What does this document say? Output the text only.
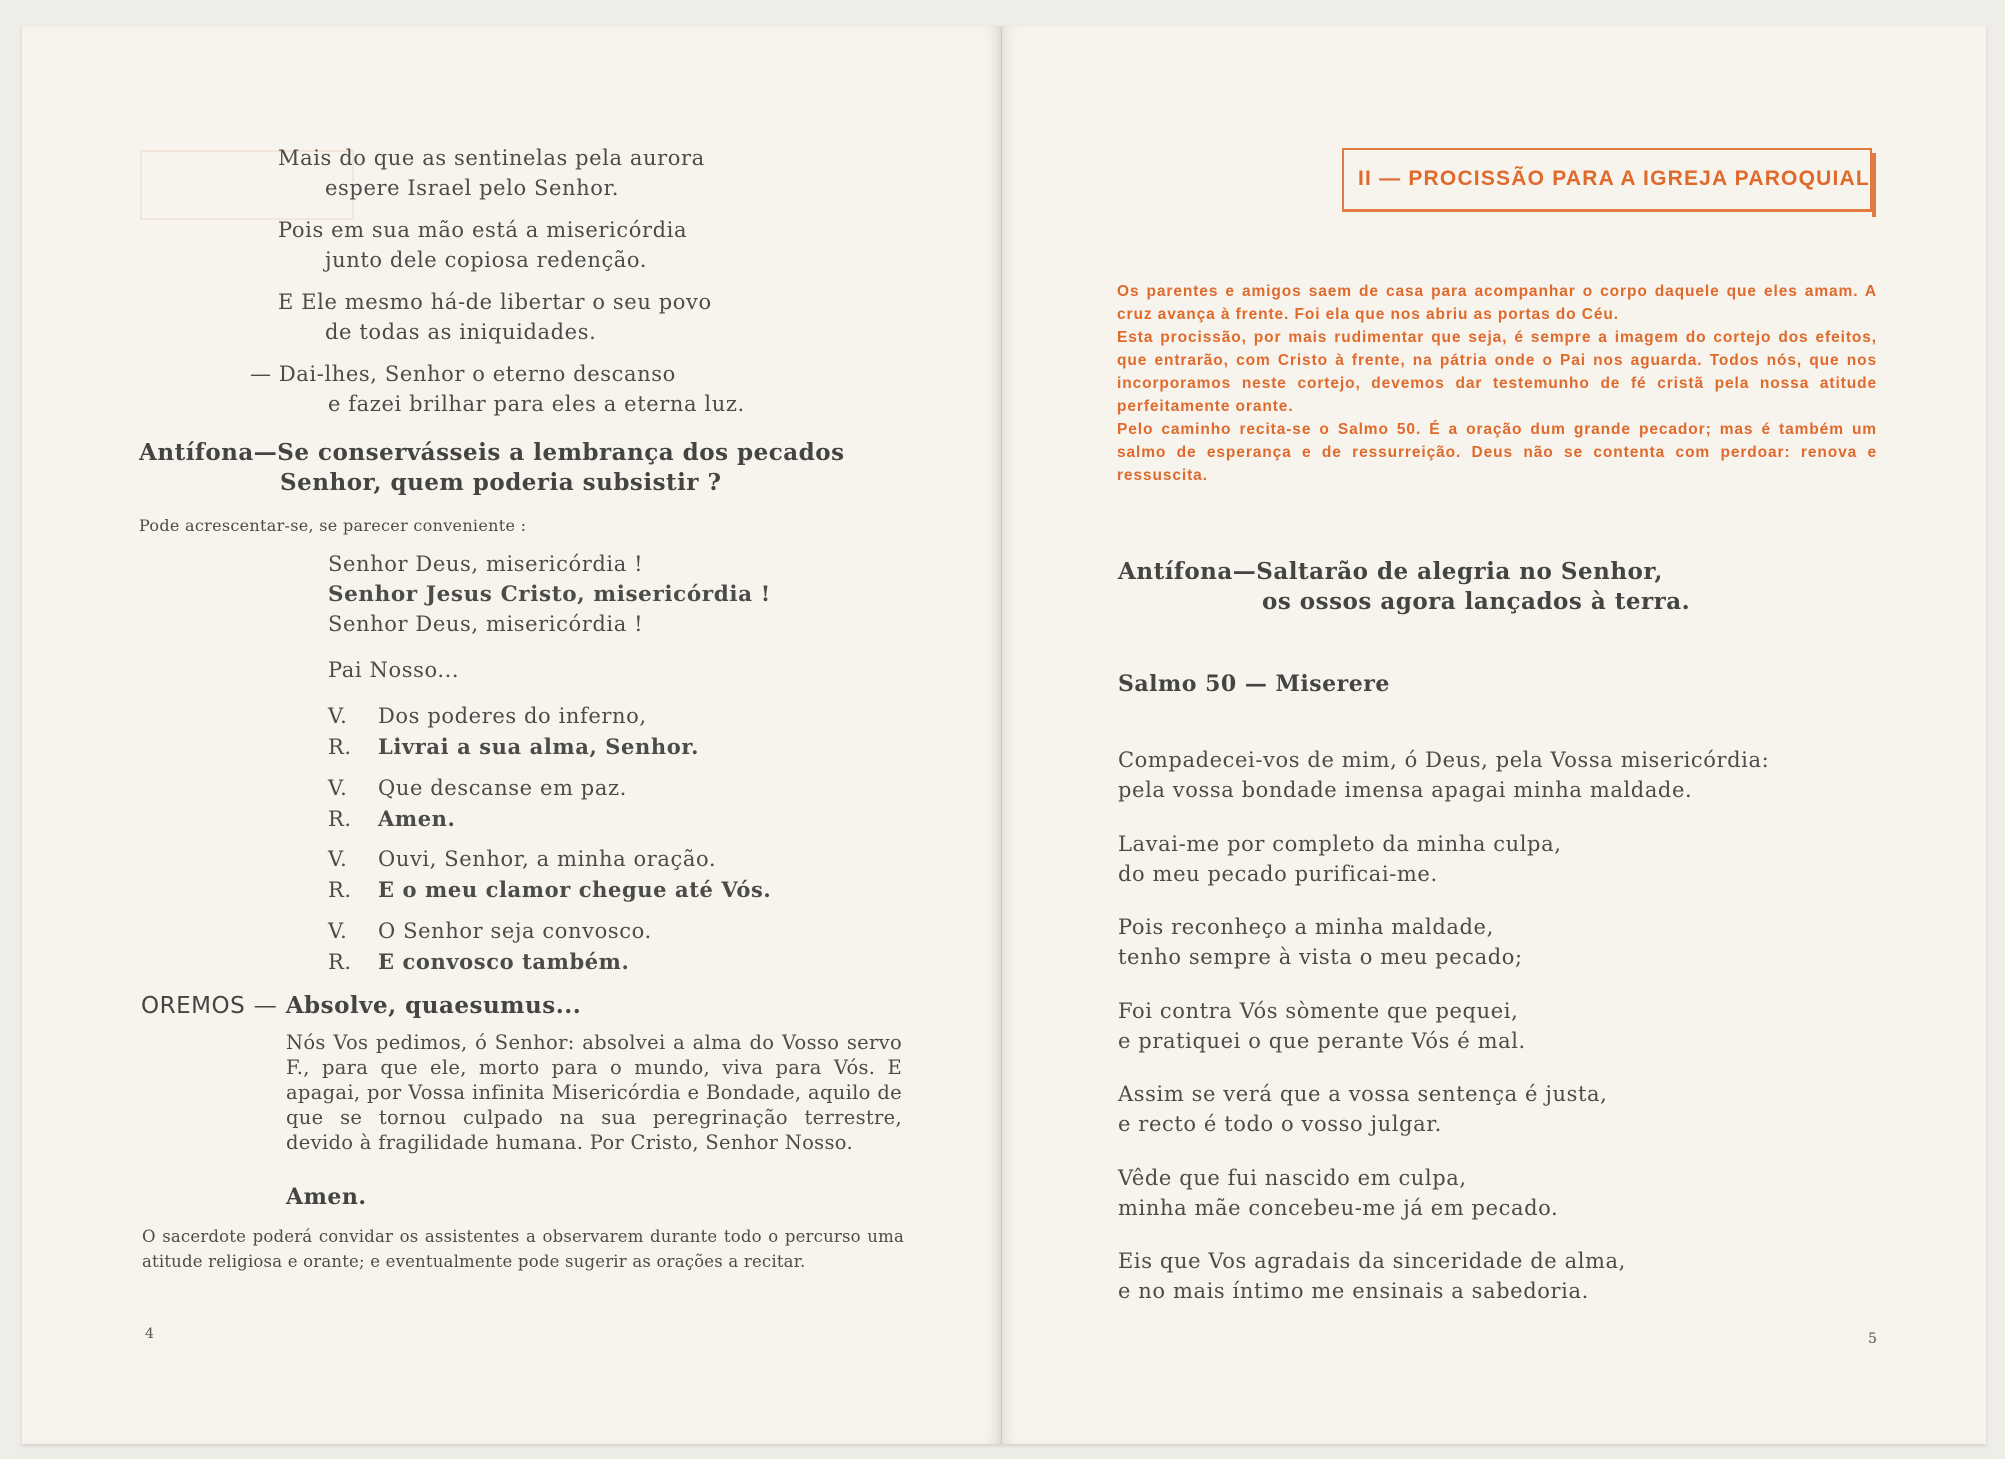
Mais do que as sentinelas pela aurora
espere Israel pelo Senhor.
Pois em sua mão está a misericórdia
junto dele copiosa redenção.
E Ele mesmo há-de libertar o seu povo
de todas as iniquidades.
— Dai-lhes, Senhor o eterno descanso
e fazei brilhar para eles a eterna luz.
Antífona—Se conservásseis a lembrança dos pecados
Senhor, quem poderia subsistir ?
Pode acrescentar-se, se parecer conveniente :
Senhor Deus, misericórdia !
Senhor Jesus Cristo, misericórdia !
Senhor Deus, misericórdia !
Pai Nosso...
V. Dos poderes do inferno,
R. Livrai a sua alma, Senhor.
V. Que descanse em paz.
R. Amen.
V. Ouvi, Senhor, a minha oração.
R. E o meu clamor chegue até Vós.
V. O Senhor seja convosco.
R. E convosco também.
OREMOS — Absolve, quaesumus...
Nós Vos pedimos, ó Senhor: absolvei a alma do Vosso servo F., para que ele, morto para o mundo, viva para Vós. E apagai, por Vossa infinita Misericórdia e Bondade, aquilo de que se tornou culpado na sua peregrinação terrestre, devido à fragilidade humana. Por Cristo, Senhor Nosso.
Amen.
O sacerdote poderá convidar os assistentes a observarem durante todo o percurso uma atitude religiosa e orante; e eventualmente pode sugerir as orações a recitar.
4
II — PROCISSÃO PARA A IGREJA PAROQUIAL

Os parentes e amigos saem de casa para acompanhar o corpo daquele que eles amam. A cruz avança à frente. Foi ela que nos abriu as portas do Céu.

Esta procissão, por mais rudimentar que seja, é sempre a imagem do cortejo dos efeitos, que entrarão, com Cristo à frente, na pátria onde o Pai nos aguarda. Todos nós, que nos incorporamos neste cortejo, devemos dar testemunho de fé cristã pela nossa atitude perfeitamente orante.

Pelo caminho recita-se o Salmo 50. É a oração dum grande pecador; mas é também um salmo de esperança e de ressurreição. Deus não se contenta com perdoar: renova e ressuscita.

Antífona—Saltarão de alegria no Senhor,
os ossos agora lançados à terra.
Salmo 50 — Miserere
Compadecei-vos de mim, ó Deus, pela Vossa misericórdia:
pela vossa bondade imensa apagai minha maldade.
Lavai-me por completo da minha culpa,
do meu pecado purificai-me.
Pois reconheço a minha maldade,
tenho sempre à vista o meu pecado;
Foi contra Vós sòmente que pequei,
e pratiquei o que perante Vós é mal.
Assim se verá que a vossa sentença é justa,
e recto é todo o vosso julgar.
Vêde que fui nascido em culpa,
minha mãe concebeu-me já em pecado.
Eis que Vos agradais da sinceridade de alma,
e no mais íntimo me ensinais a sabedoria.
5
